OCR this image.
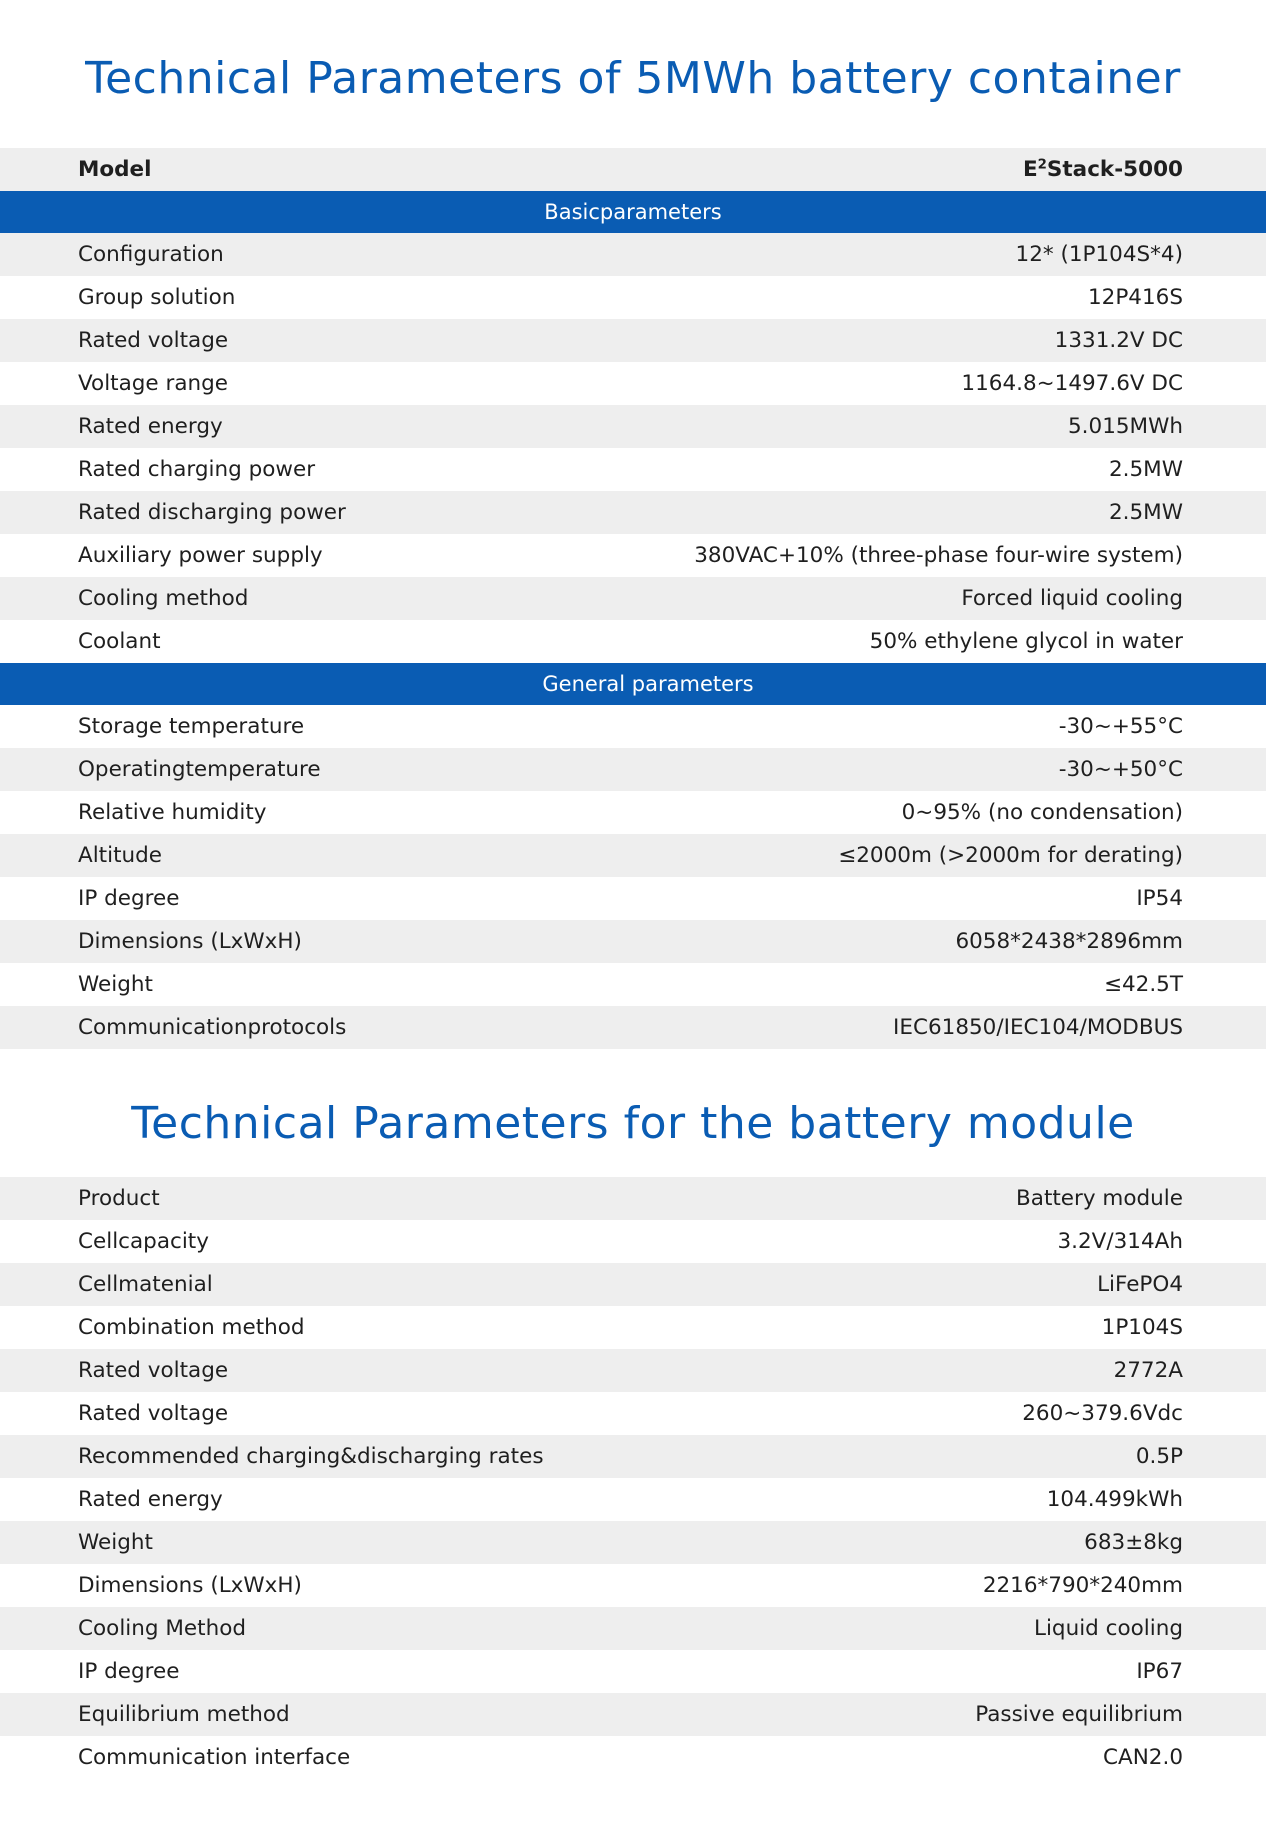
Technical Parameters of 5MWh battery container
Model	$E^2Stack-5000$
Basicparameters
Configuration	12* (1P104S*4)
Group solution	12P416S
Rated voltage	1331.2V DC
Voltage range	1164.8~1497.6V DC
Rated energy	5.015MWh
Rated charging power	2.5MW
Rated discharging power	2.5MW
Auxiliary power supply	380VAC+10% (three-phase four-wire system)
Cooling method	Forced liquid cooling
Coolant	50% ethylene glycol in water
General parameters
Storage temperature	-30~+55°C
Operatingtemperature	-30~+50°C
Relative humidity	0~95% (no condensation)
Altitude	≤2000m (>2000m for derating)
IP degree	IP54
Dimensions (LxWxH)	6058*2438*2896mm
Weight	≤42.5T
Communicationprotocols	IEC61850/IEC104/MODBUS
Technical Parameters for the battery module
Product	Battery module
Cellcapacity	3.2V/314Ah
Cellmatenial	LiFePO4
Combination method	1P104S
Rated voltage	2772A
Rated voltage	260~379.6Vdc
Recommended charging&discharging rates	0.5P
Rated energy	104.499kWh
Weight	683±8kg
Dimensions (LxWxH)	2216*790*240mm
Cooling Method	Liquid cooling
IP degree	IP67
Equilibrium method	Passive equilibrium
Communication interface	CAN2.0
